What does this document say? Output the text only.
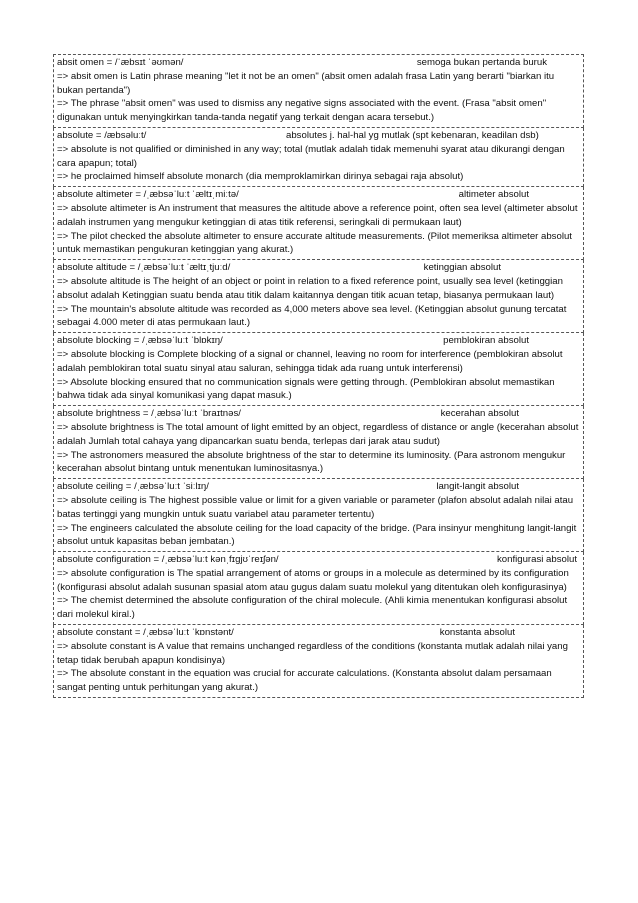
absit omen = /ˈæbsɪt ˈəʊmən/	semoga bukan pertanda buruk
=> absit omen is Latin phrase meaning "let it not be an omen" (absit omen adalah frasa Latin yang berarti "biarkan itu bukan pertanda")
=> The phrase "absit omen" was used to dismiss any negative signs associated with the event. (Frasa "absit omen" digunakan untuk menyingkirkan tanda-tanda negatif yang terkait dengan acara tersebut.)
absolute = /æbsəluːt/	absolutes j. hal-hal yg mutlak (spt kebenaran, keadilan dsb)
=> absolute is not qualified or diminished in any way; total (mutlak adalah tidak memenuhi syarat atau dikurangi dengan cara apapun; total)
=> he proclaimed himself absolute monarch (dia memproklamirkan dirinya sebagai raja absolut)
absolute altimeter = /ˌæbsəˈluːt ˈæltɪˌmiːtə/	altimeter absolut
=> absolute altimeter is An instrument that measures the altitude above a reference point, often sea level (altimeter absolut adalah instrumen yang mengukur ketinggian di atas titik referensi, seringkali di permukaan laut)
=> The pilot checked the absolute altimeter to ensure accurate altitude measurements. (Pilot memeriksa altimeter absolut untuk memastikan pengukuran ketinggian yang akurat.)
absolute altitude = /ˌæbsəˈluːt ˈæltɪˌtjuːd/	ketinggian absolut
=> absolute altitude is The height of an object or point in relation to a fixed reference point, usually sea level (ketinggian absolut adalah Ketinggian suatu benda atau titik dalam kaitannya dengan titik acuan tetap, biasanya permukaan laut)
=> The mountain's absolute altitude was recorded as 4,000 meters above sea level. (Ketinggian absolut gunung tercatat sebagai 4.000 meter di atas permukaan laut.)
absolute blocking = /ˌæbsəˈluːt ˈblɒkɪŋ/	pemblokiran absolut
=> absolute blocking is Complete blocking of a signal or channel, leaving no room for interference (pemblokiran absolut adalah pemblokiran total suatu sinyal atau saluran, sehingga tidak ada ruang untuk interferensi)
=> Absolute blocking ensured that no communication signals were getting through. (Pemblokiran absolut memastikan bahwa tidak ada sinyal komunikasi yang dapat masuk.)
absolute brightness = /ˌæbsəˈluːt ˈbraɪtnəs/	kecerahan absolut
=> absolute brightness is The total amount of light emitted by an object, regardless of distance or angle (kecerahan absolut adalah Jumlah total cahaya yang dipancarkan suatu benda, terlepas dari jarak atau sudut)
=> The astronomers measured the absolute brightness of the star to determine its luminosity. (Para astronom mengukur kecerahan absolut bintang untuk menentukan luminositasnya.)
absolute ceiling = /ˌæbsəˈluːt ˈsiːlɪŋ/	langit-langit absolut
=> absolute ceiling is The highest possible value or limit for a given variable or parameter (plafon absolut adalah nilai atau batas tertinggi yang mungkin untuk suatu variabel atau parameter tertentu)
=> The engineers calculated the absolute ceiling for the load capacity of the bridge. (Para insinyur menghitung langit-langit absolut untuk kapasitas beban jembatan.)
absolute configuration = /ˌæbsəˈluːt kənˌfɪɡjʊˈreɪʃən/	konfigurasi absolut
=> absolute configuration is The spatial arrangement of atoms or groups in a molecule as determined by its configuration (konfigurasi absolut adalah susunan spasial atom atau gugus dalam suatu molekul yang ditentukan oleh konfigurasinya)
=> The chemist determined the absolute configuration of the chiral molecule. (Ahli kimia menentukan konfigurasi absolut dari molekul kiral.)
absolute constant = /ˌæbsəˈluːt ˈkɒnstənt/	konstanta absolut
=> absolute constant is A value that remains unchanged regardless of the conditions (konstanta mutlak adalah nilai yang tetap tidak berubah apapun kondisinya)
=> The absolute constant in the equation was crucial for accurate calculations. (Konstanta absolut dalam persamaan sangat penting untuk perhitungan yang akurat.)
